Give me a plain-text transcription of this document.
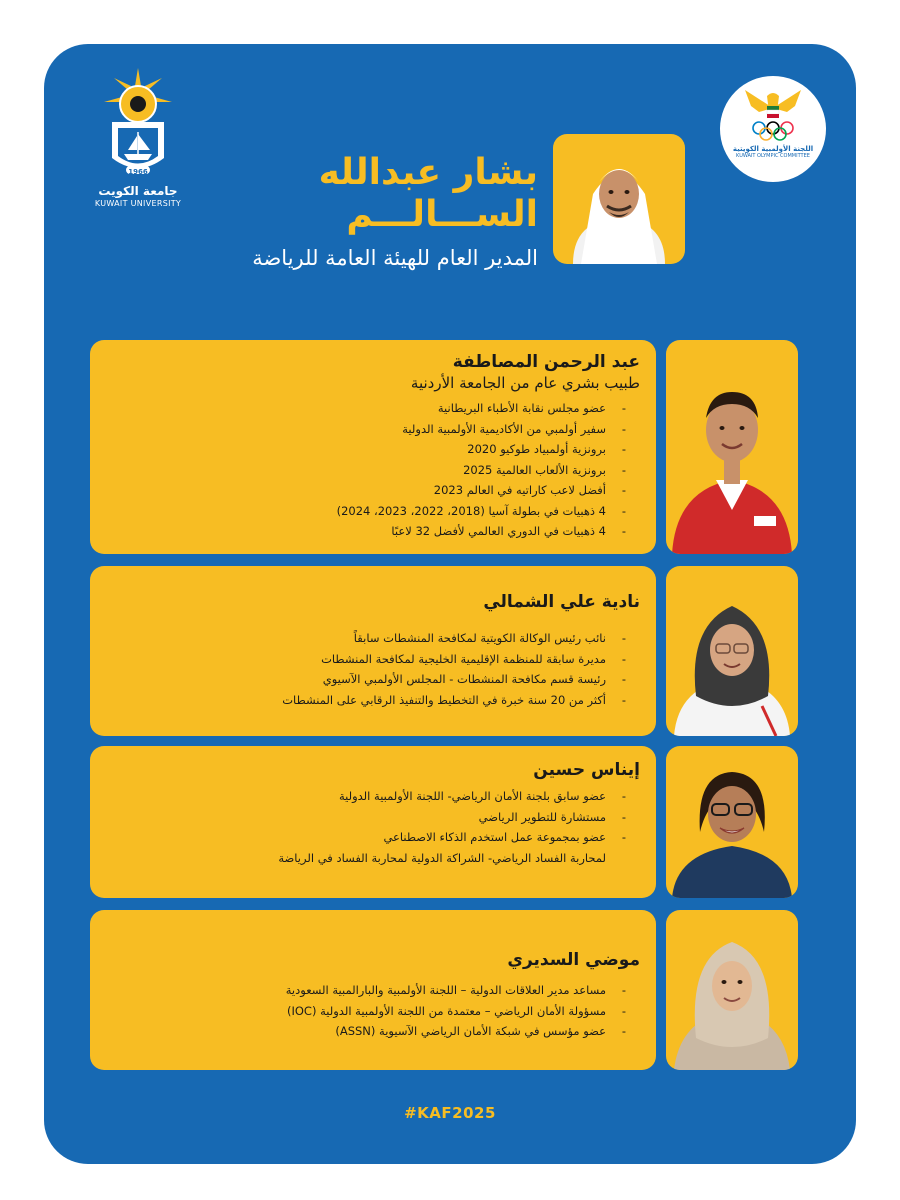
1966
جامعة الكويت
KUWAIT UNIVERSITY
اللجنة الأولمبية الكويتية
KUWAIT OLYMPIC COMMITTEE
بشار عبدالله
الســـالـــم
المدير العام للهيئة العامة للرياضة

عبد الرحمن المصاطفة

طبيب بشري عام من الجامعة الأردنية

- عضو مجلس نقابة الأطباء البريطانية
- سفير أولمبي من الأكاديمية الأولمبية الدولية
- برونزية أولمبياد طوكيو 2020
- برونزية الألعاب العالمية 2025
- أفضل لاعب كاراتيه في العالم 2023
- 4 ذهبيات في بطولة آسيا (2018، 2022، 2023، 2024)
- 4 ذهبيات في الدوري العالمي لأفضل 32 لاعبًا

نادية علي الشمالي

- نائب رئيس الوكالة الكويتية لمكافحة المنشطات سابقاً
- مديرة سابقة للمنظمة الإقليمية الخليجية لمكافحة المنشطات
- رئيسة قسم مكافحة المنشطات - المجلس الأولمبي الآسيوي
- أكثر من 20 سنة خبرة في التخطيط والتنفيذ الرقابي على المنشطات

إيناس حسين

- عضو سابق بلجنة الأمان الرياضي- اللجنة الأولمبية الدولية
- مستشارة للتطوير الرياضي
- عضو بمجموعة عمل استخدم الذكاء الاصطناعي
لمحاربة الفساد الرياضي- الشراكة الدولية لمحاربة الفساد في الرياضة

موضي السديري

- مساعد مدير العلاقات الدولية – اللجنة الأولمبية والبارالمبية السعودية
- مسؤولة الأمان الرياضي – معتمدة من اللجنة الأولمبية الدولية (IOC)
- عضو مؤسس في شبكة الأمان الرياضي الآسيوية (ASSN)
#KAF2025
